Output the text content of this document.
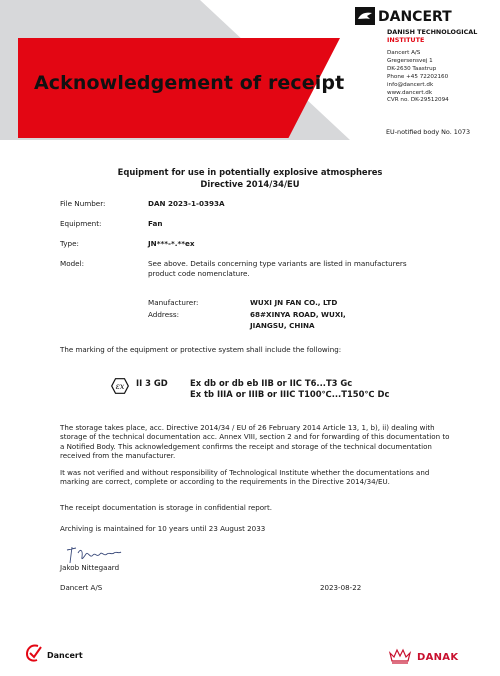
Acknowledgement of receipt
DANCERT
DANISH TECHNOLOGICAL
INSTITUTE
Dancert A/S
Gregersensvej 1
DK-2630 Taastrup
Phone +45 72202160
info@dancert.dk
www.dancert.dk
CVR no. DK-29512094
EU-notified body No. 1073
Equipment for use in potentially explosive atmospheres
Directive 2014/34/EU
File Number:	DAN 2023-1-0393A
Equipment:	Fan
Type:	JN***-*.**ex
Model:	See above. Details concerning type variants are listed in manufacturers product code nomenclature.
Manufacturer:	WUXI JN FAN CO., LTD
Address:	68#XINYA ROAD, WUXI,
JIANGSU, CHINA
The marking of the equipment or protective system shall include the following:
εx II 3 GD	Ex db or db eb IIB or IIC T6...T3 Gc
Ex tb IIIA or IIIB or IIIC T100℃...T150℃ Dc
The storage takes place, acc. Directive 2014/34 / EU of 26 February 2014 Article 13, 1, b), ii) dealing with storage of the technical documentation acc. Annex VIII, section 2 and for forwarding of this documentation to a Notified Body. This acknowledgement confirms the receipt and storage of the technical documentation received from the manufacturer.
It was not verified and without responsibility of Technological Institute whether the documentations and marking are correct, complete or according to the requirements in the Directive 2014/34/EU.
The receipt documentation is storage in confidential report.
Archiving is maintained for 10 years until 23 August 2033
Jakob Nittegaard
Dancert A/S	2023-08-22
Dancert	DANAK
